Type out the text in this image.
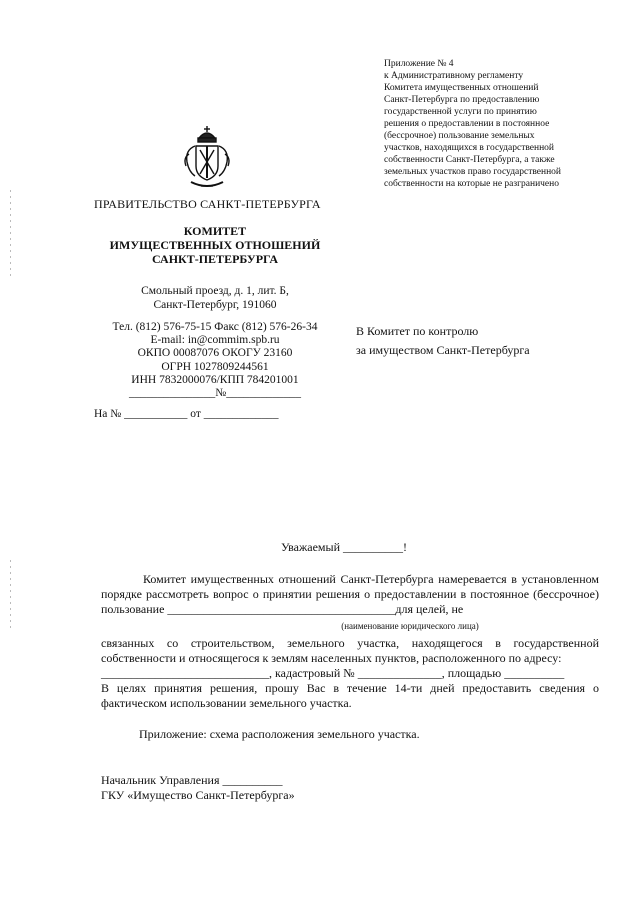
Приложение № 4
к Административному регламенту
Комитета имущественных отношений
Санкт-Петербурга по предоставлению
государственной услуги по принятию
решения о предоставлении в постоянное
(бессрочное) пользование земельных
участков, находящихся в государственной
собственности Санкт-Петербурга, а также
земельных участков право государственной
собственности на которые не разграничено
ПРАВИТЕЛЬСТВО САНКТ-ПЕТЕРБУРГА
КОМИТЕТ
ИМУЩЕСТВЕННЫХ ОТНОШЕНИЙ
САНКТ-ПЕТЕРБУРГА
Смольный проезд, д. 1, лит. Б,
Санкт-Петербург, 191060
Тел. (812) 576-75-15 Факс (812) 576-26-34
E-mail: in@commim.spb.ru
ОКПО 00087076 ОКОГУ 23160
ОГРН 1027809244561
ИНН 7832000076/КПП 784201001
_______________№_____________
На № ___________ от _____________
В Комитет по контролю
за имуществом Санкт-Петербурга
Уважаемый __________!
Комитет имущественных отношений Санкт-Петербурга намеревается в установленном порядке рассмотреть вопрос о принятии решения о предоставлении в постоянное (бессрочное) пользование ______________________________________для целей, не
(наименование юридического лица)
связанных со строительством, земельного участка, находящегося в государственной собственности и относящегося к землям населенных пунктов, расположенного по адресу:
____________________________, кадастровый № ______________, площадью __________
В целях принятия решения, прошу Вас в течение 14-ти дней предоставить сведения о фактическом использовании земельного участка.
Приложение: схема расположения земельного участка.
Начальник Управления __________
ГКУ «Имущество Санкт-Петербурга»
